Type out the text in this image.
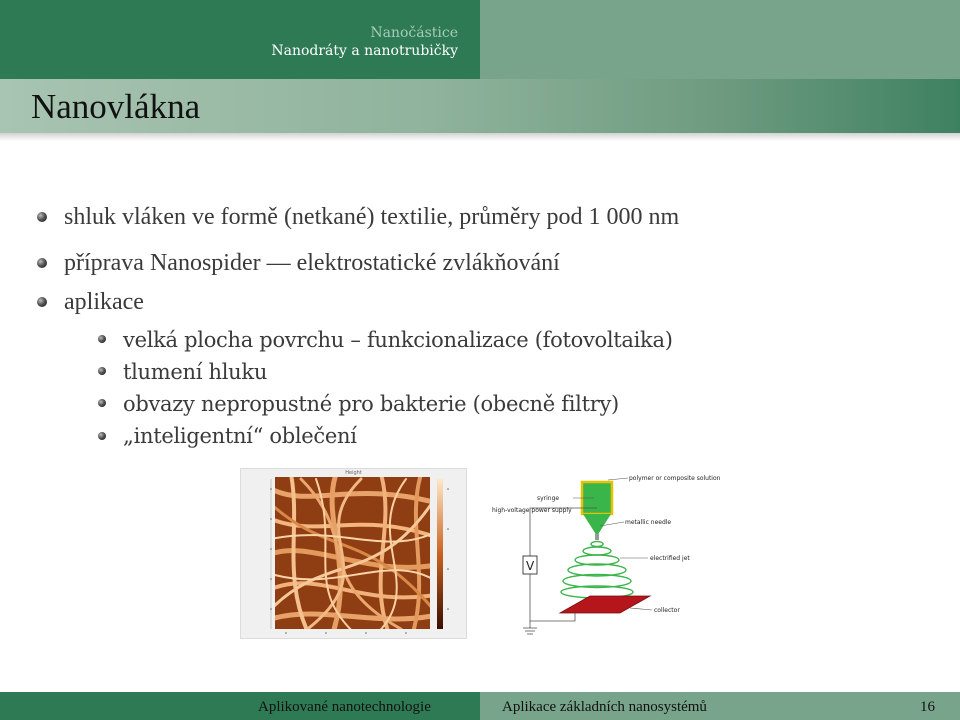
Nanočástice
Nanodráty a nanotrubičky
Nanovlákna
shluk vláken ve formě (netkané) textilie, průměry pod 1 000 nm
příprava Nanospider — elektrostatické zvlákňování
aplikace
velká plocha povrchu – funkcionalizace (fotovoltaika)
tlumení hluku
obvazy nepropustné pro bakterie (obecně filtry)
„inteligentní“ oblečení
Height
V
polymer or composite solution
syringe
high-voltage power supply
metallic needle
electrified jet
collector
Aplikované nanotechnologie	Aplikace základních nanosystémů	16
